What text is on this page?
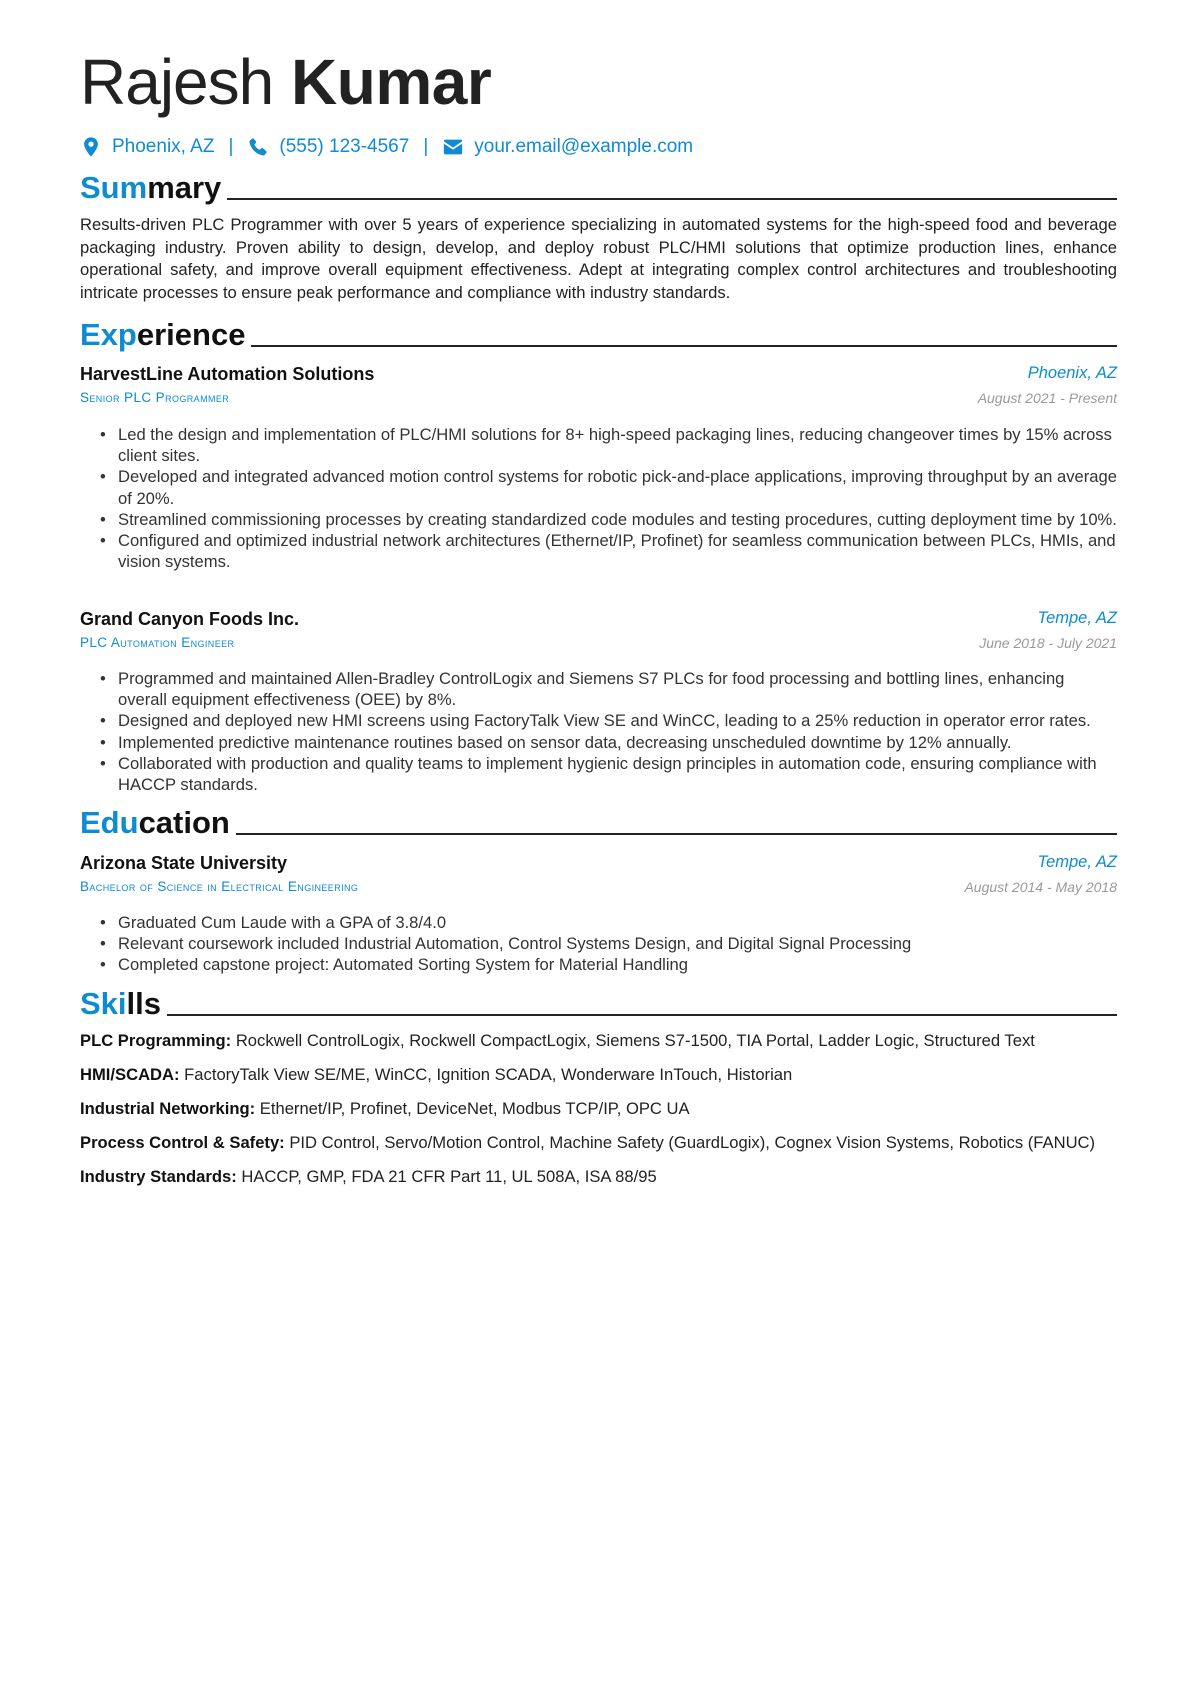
Rajesh Kumar
Phoenix, AZ | (555) 123-4567 | your.email@example.com
Summary
Results-driven PLC Programmer with over 5 years of experience specializing in automated systems for the high-speed food and beverage packaging industry. Proven ability to design, develop, and deploy robust PLC/HMI solutions that optimize production lines, enhance operational safety, and improve overall equipment effectiveness. Adept at integrating complex control architectures and troubleshooting intricate processes to ensure peak performance and compliance with industry standards.
Experience
HarvestLine Automation Solutions	Phoenix, AZ
Senior PLC Programmer	August 2021 - Present
• Led the design and implementation of PLC/HMI solutions for 8+ high-speed packaging lines, reducing changeover times by 15% across client sites.
• Developed and integrated advanced motion control systems for robotic pick-and-place applications, improving throughput by an average of 20%.
• Streamlined commissioning processes by creating standardized code modules and testing procedures, cutting deployment time by 10%.
• Configured and optimized industrial network architectures (Ethernet/IP, Profinet) for seamless communication between PLCs, HMIs, and vision systems.
Grand Canyon Foods Inc.	Tempe, AZ
PLC Automation Engineer	June 2018 - July 2021
• Programmed and maintained Allen-Bradley ControlLogix and Siemens S7 PLCs for food processing and bottling lines, enhancing overall equipment effectiveness (OEE) by 8%.
• Designed and deployed new HMI screens using FactoryTalk View SE and WinCC, leading to a 25% reduction in operator error rates.
• Implemented predictive maintenance routines based on sensor data, decreasing unscheduled downtime by 12% annually.
• Collaborated with production and quality teams to implement hygienic design principles in automation code, ensuring compliance with HACCP standards.
Education
Arizona State University	Tempe, AZ
Bachelor of Science in Electrical Engineering	August 2014 - May 2018
• Graduated Cum Laude with a GPA of 3.8/4.0
• Relevant coursework included Industrial Automation, Control Systems Design, and Digital Signal Processing
• Completed capstone project: Automated Sorting System for Material Handling
Skills
PLC Programming: Rockwell ControlLogix, Rockwell CompactLogix, Siemens S7-1500, TIA Portal, Ladder Logic, Structured Text
HMI/SCADA: FactoryTalk View SE/ME, WinCC, Ignition SCADA, Wonderware InTouch, Historian
Industrial Networking: Ethernet/IP, Profinet, DeviceNet, Modbus TCP/IP, OPC UA
Process Control & Safety: PID Control, Servo/Motion Control, Machine Safety (GuardLogix), Cognex Vision Systems, Robotics (FANUC)
Industry Standards: HACCP, GMP, FDA 21 CFR Part 11, UL 508A, ISA 88/95
